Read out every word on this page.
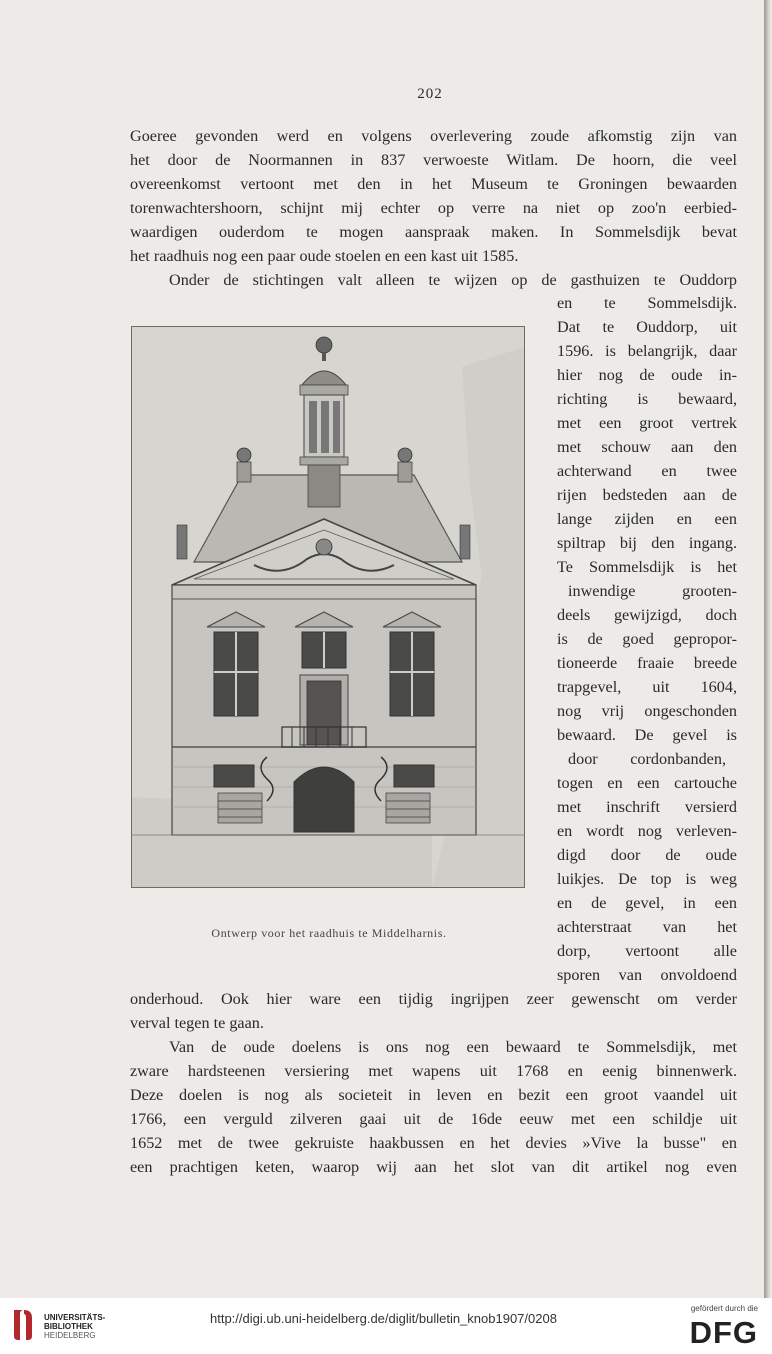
202
Goeree gevonden werd en volgens overlevering zoude afkomstig zijn van
het door de Noormannen in 837 verwoeste Witlam. De hoorn, die veel
overeenkomst vertoont met den in het Museum te Groningen bewaarden
torenwachtershoorn, schijnt mij echter op verre na niet op zoo'n eerbied-
waardigen ouderdom te mogen aanspraak maken. In Sommelsdijk bevat
het raadhuis nog een paar oude stoelen en een kast uit 1585.
Onder de stichtingen valt alleen te wijzen op de gasthuizen te Ouddorp
en te Sommelsdijk.
Dat te Ouddorp, uit
1596. is belangrijk, daar
hier nog de oude in-
richting is bewaard,
met een groot vertrek
met schouw aan den
achterwand en twee
rijen bedsteden aan de
lange zijden en een
spiltrap bij den ingang.
Te Sommelsdijk is het
inwendige grooten-
deels gewijzigd, doch
is de goed gepropor-
tioneerde fraaie breede
trapgevel, uit 1604,
nog vrij ongeschonden
bewaard. De gevel is
door cordonbanden,
togen en een cartouche
met inschrift versierd
en wordt nog verleven-
digd door de oude
luikjes. De top is weg
en de gevel, in een
achterstraat van het
dorp, vertoont alle
sporen van onvoldoend
Ontwerp voor het raadhuis te Middelharnis.
onderhoud. Ook hier ware een tijdig ingrijpen zeer gewenscht om verder
verval tegen te gaan.
Van de oude doelens is ons nog een bewaard te Sommelsdijk, met
zware hardsteenen versiering met wapens uit 1768 en eenig binnenwerk.
Deze doelen is nog als societeit in leven en bezit een groot vaandel uit
1766, een verguld zilveren gaai uit de 16de eeuw met een schildje uit
1652 met de twee gekruiste haakbussen en het devies »Vive la busse" en
een prachtigen keten, waarop wij aan het slot van dit artikel nog even
UNIVERSITÄTS-
BIBLIOTHEK
HEIDELBERG
http://digi.ub.uni-heidelberg.de/diglit/bulletin_knob1907/0208
gefördert durch die
DFG
